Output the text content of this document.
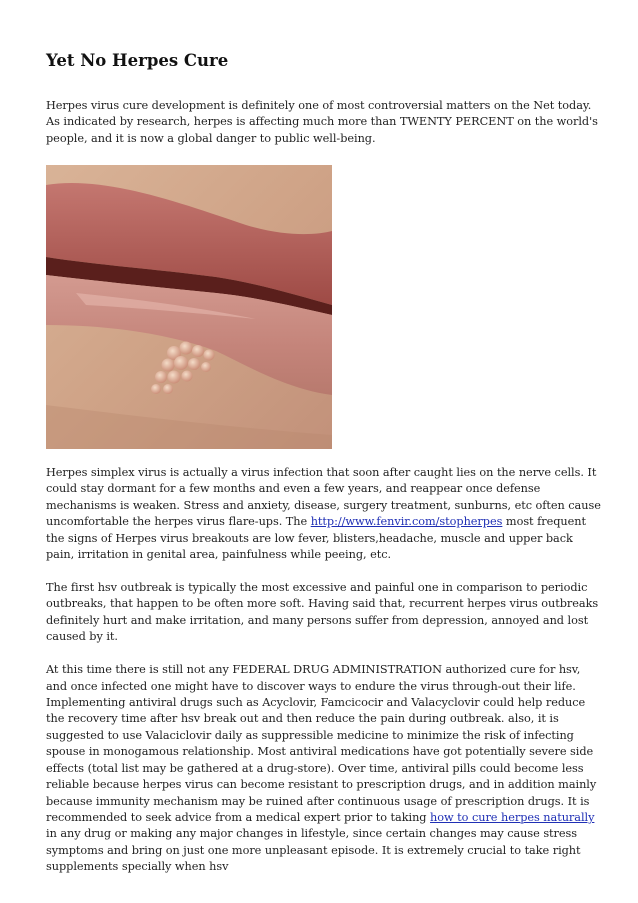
Yet No Herpes Cure

Herpes virus cure development is definitely one of most controversial matters on the Net today. As indicated by research, herpes is affecting much more than TWENTY PERCENT on the world's people, and it is now a global danger to public well-being.

Herpes simplex virus is actually a virus infection that soon after caught lies on the nerve cells. It could stay dormant for a few months and even a few years, and reappear once defense mechanisms is weaken. Stress and anxiety, disease, surgery treatment, sunburns, etc often cause uncomfortable the herpes virus flare-ups. The http://www.fenvir.com/stopherpes most frequent the signs of Herpes virus breakouts are low fever, blisters,headache, muscle and upper back pain, irritation in genital area, painfulness while peeing, etc.

The first hsv outbreak is typically the most excessive and painful one in comparison to periodic outbreaks, that happen to be often more soft. Having said that, recurrent herpes virus outbreaks definitely hurt and make irritation, and many persons suffer from depression, annoyed and lost caused by it.

At this time there is still not any FEDERAL DRUG ADMINISTRATION authorized cure for hsv, and once infected one might have to discover ways to endure the virus through-out their life. Implementing antiviral drugs such as Acyclovir, Famcicocir and Valacyclovir could help reduce the recovery time after hsv break out and then reduce the pain during outbreak. also, it is suggested to use Valaciclovir daily as suppressible medicine to minimize the risk of infecting spouse in monogamous relationship. Most antiviral medications have got potentially severe side effects (total list may be gathered at a drug-store). Over time, antiviral pills could become less reliable because herpes virus can become resistant to prescription drugs, and in addition mainly because immunity mechanism may be ruined after continuous usage of prescription drugs. It is recommended to seek advice from a medical expert prior to taking how to cure herpes naturally in any drug or making any major changes in lifestyle, since certain changes may cause stress symptoms and bring on just one more unpleasant episode. It is extremely crucial to take right supplements specially when hsv
